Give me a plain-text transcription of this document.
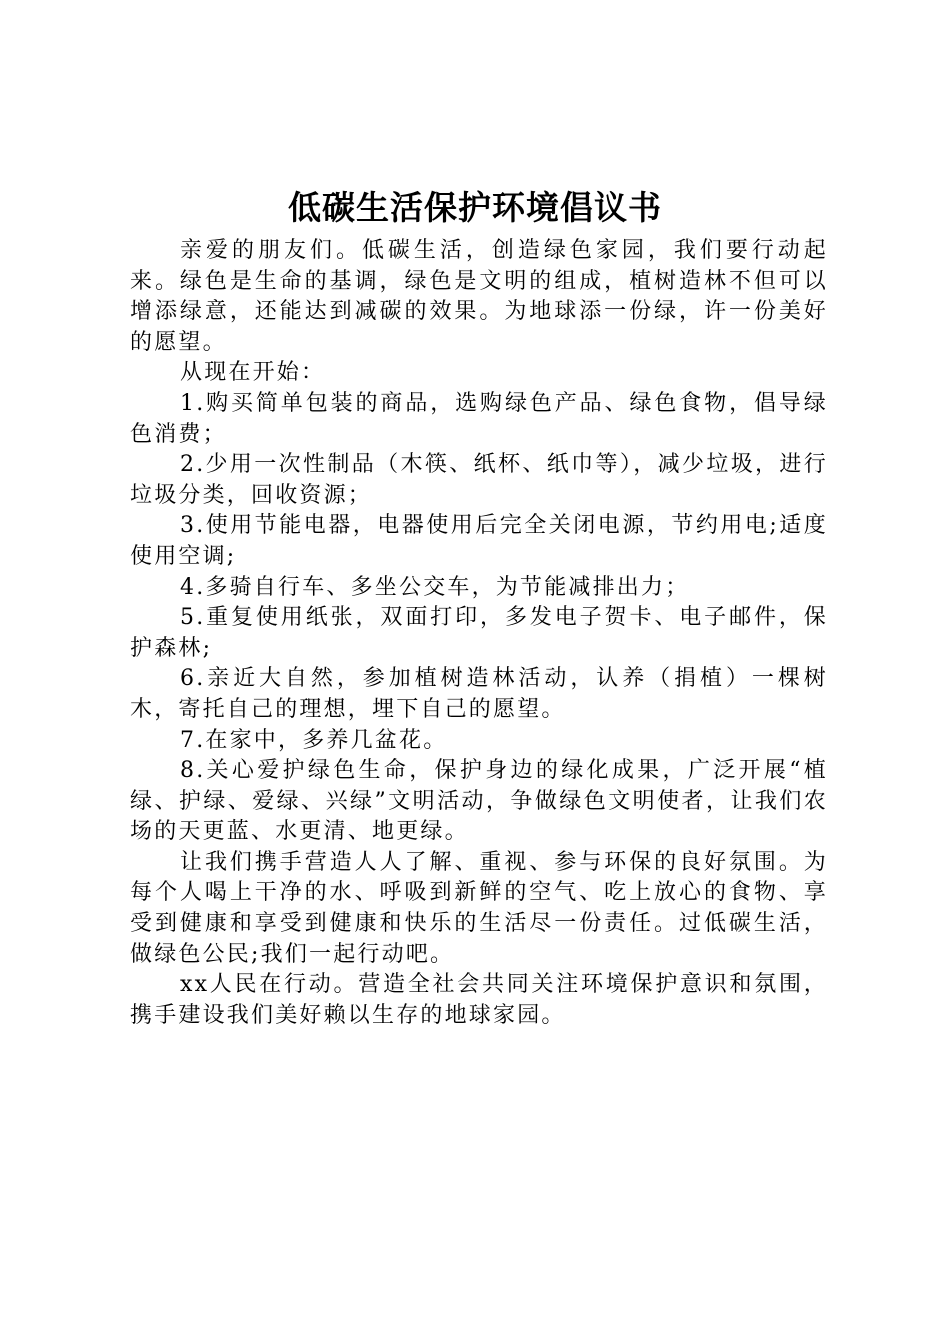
低碳生活保护环境倡议书

亲爱的朋友们。低碳生活，创造绿色家园，我们要行动起来。绿色是生命的基调，绿色是文明的组成，植树造林不但可以增添绿意，还能达到减碳的效果。为地球添一份绿，许一份美好的愿望。

从现在开始：

1.购买简单包装的商品，选购绿色产品、绿色食物，倡导绿色消费；

2.少用一次性制品（木筷、纸杯、纸巾等），减少垃圾，进行垃圾分类，回收资源；

3.使用节能电器，电器使用后完全关闭电源，节约用电;适度使用空调;

4.多骑自行车、多坐公交车，为节能减排出力；

5.重复使用纸张，双面打印，多发电子贺卡、电子邮件，保护森林;

6.亲近大自然，参加植树造林活动，认养（捐植）一棵树木，寄托自己的理想，埋下自己的愿望。

7.在家中，多养几盆花。

8.关心爱护绿色生命，保护身边的绿化成果，广泛开展“植绿、护绿、爱绿、兴绿”文明活动，争做绿色文明使者，让我们农场的天更蓝、水更清、地更绿。

让我们携手营造人人了解、重视、参与环保的良好氛围。为每个人喝上干净的水、呼吸到新鲜的空气、吃上放心的食物、享受到健康和享受到健康和快乐的生活尽一份责任。过低碳生活，做绿色公民;我们一起行动吧。

xx人民在行动。营造全社会共同关注环境保护意识和氛围，携手建设我们美好赖以生存的地球家园。
